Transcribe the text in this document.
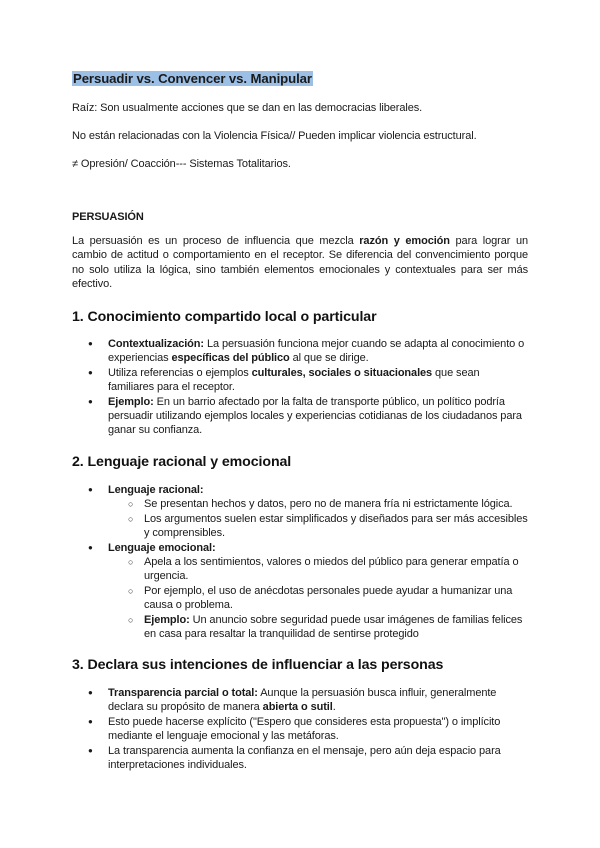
Persuadir vs. Convencer vs. Manipular

Raíz: Son usualmente acciones que se dan en las democracias liberales.

No están relacionadas con la Violencia Física// Pueden implicar violencia estructural.

≠ Opresión/ Coacción--- Sistemas Totalitarios.

PERSUASIÓN

La persuasión es un proceso de influencia que mezcla razón y emoción para lograr un cambio de actitud o comportamiento en el receptor. Se diferencia del convencimiento porque no solo utiliza la lógica, sino también elementos emocionales y contextuales para ser más efectivo.

1. Conocimiento compartido local o particular
● Contextualización: La persuasión funciona mejor cuando se adapta al conocimiento o experiencias específicas del público al que se dirige.
● Utiliza referencias o ejemplos culturales, sociales o situacionales que sean familiares para el receptor.
● Ejemplo: En un barrio afectado por la falta de transporte público, un político podría persuadir utilizando ejemplos locales y experiencias cotidianas de los ciudadanos para ganar su confianza.
2. Lenguaje racional y emocional
● Lenguaje racional:
○ Se presentan hechos y datos, pero no de manera fría ni estrictamente lógica.
○ Los argumentos suelen estar simplificados y diseñados para ser más accesibles y comprensibles.
● Lenguaje emocional:
○ Apela a los sentimientos, valores o miedos del público para generar empatía o urgencia.
○ Por ejemplo, el uso de anécdotas personales puede ayudar a humanizar una causa o problema.
○ Ejemplo: Un anuncio sobre seguridad puede usar imágenes de familias felices en casa para resaltar la tranquilidad de sentirse protegido
3. Declara sus intenciones de influenciar a las personas
● Transparencia parcial o total: Aunque la persuasión busca influir, generalmente declara su propósito de manera abierta o sutil.
● Esto puede hacerse explícito ("Espero que consideres esta propuesta") o implícito mediante el lenguaje emocional y las metáforas.
● La transparencia aumenta la confianza en el mensaje, pero aún deja espacio para interpretaciones individuales.
